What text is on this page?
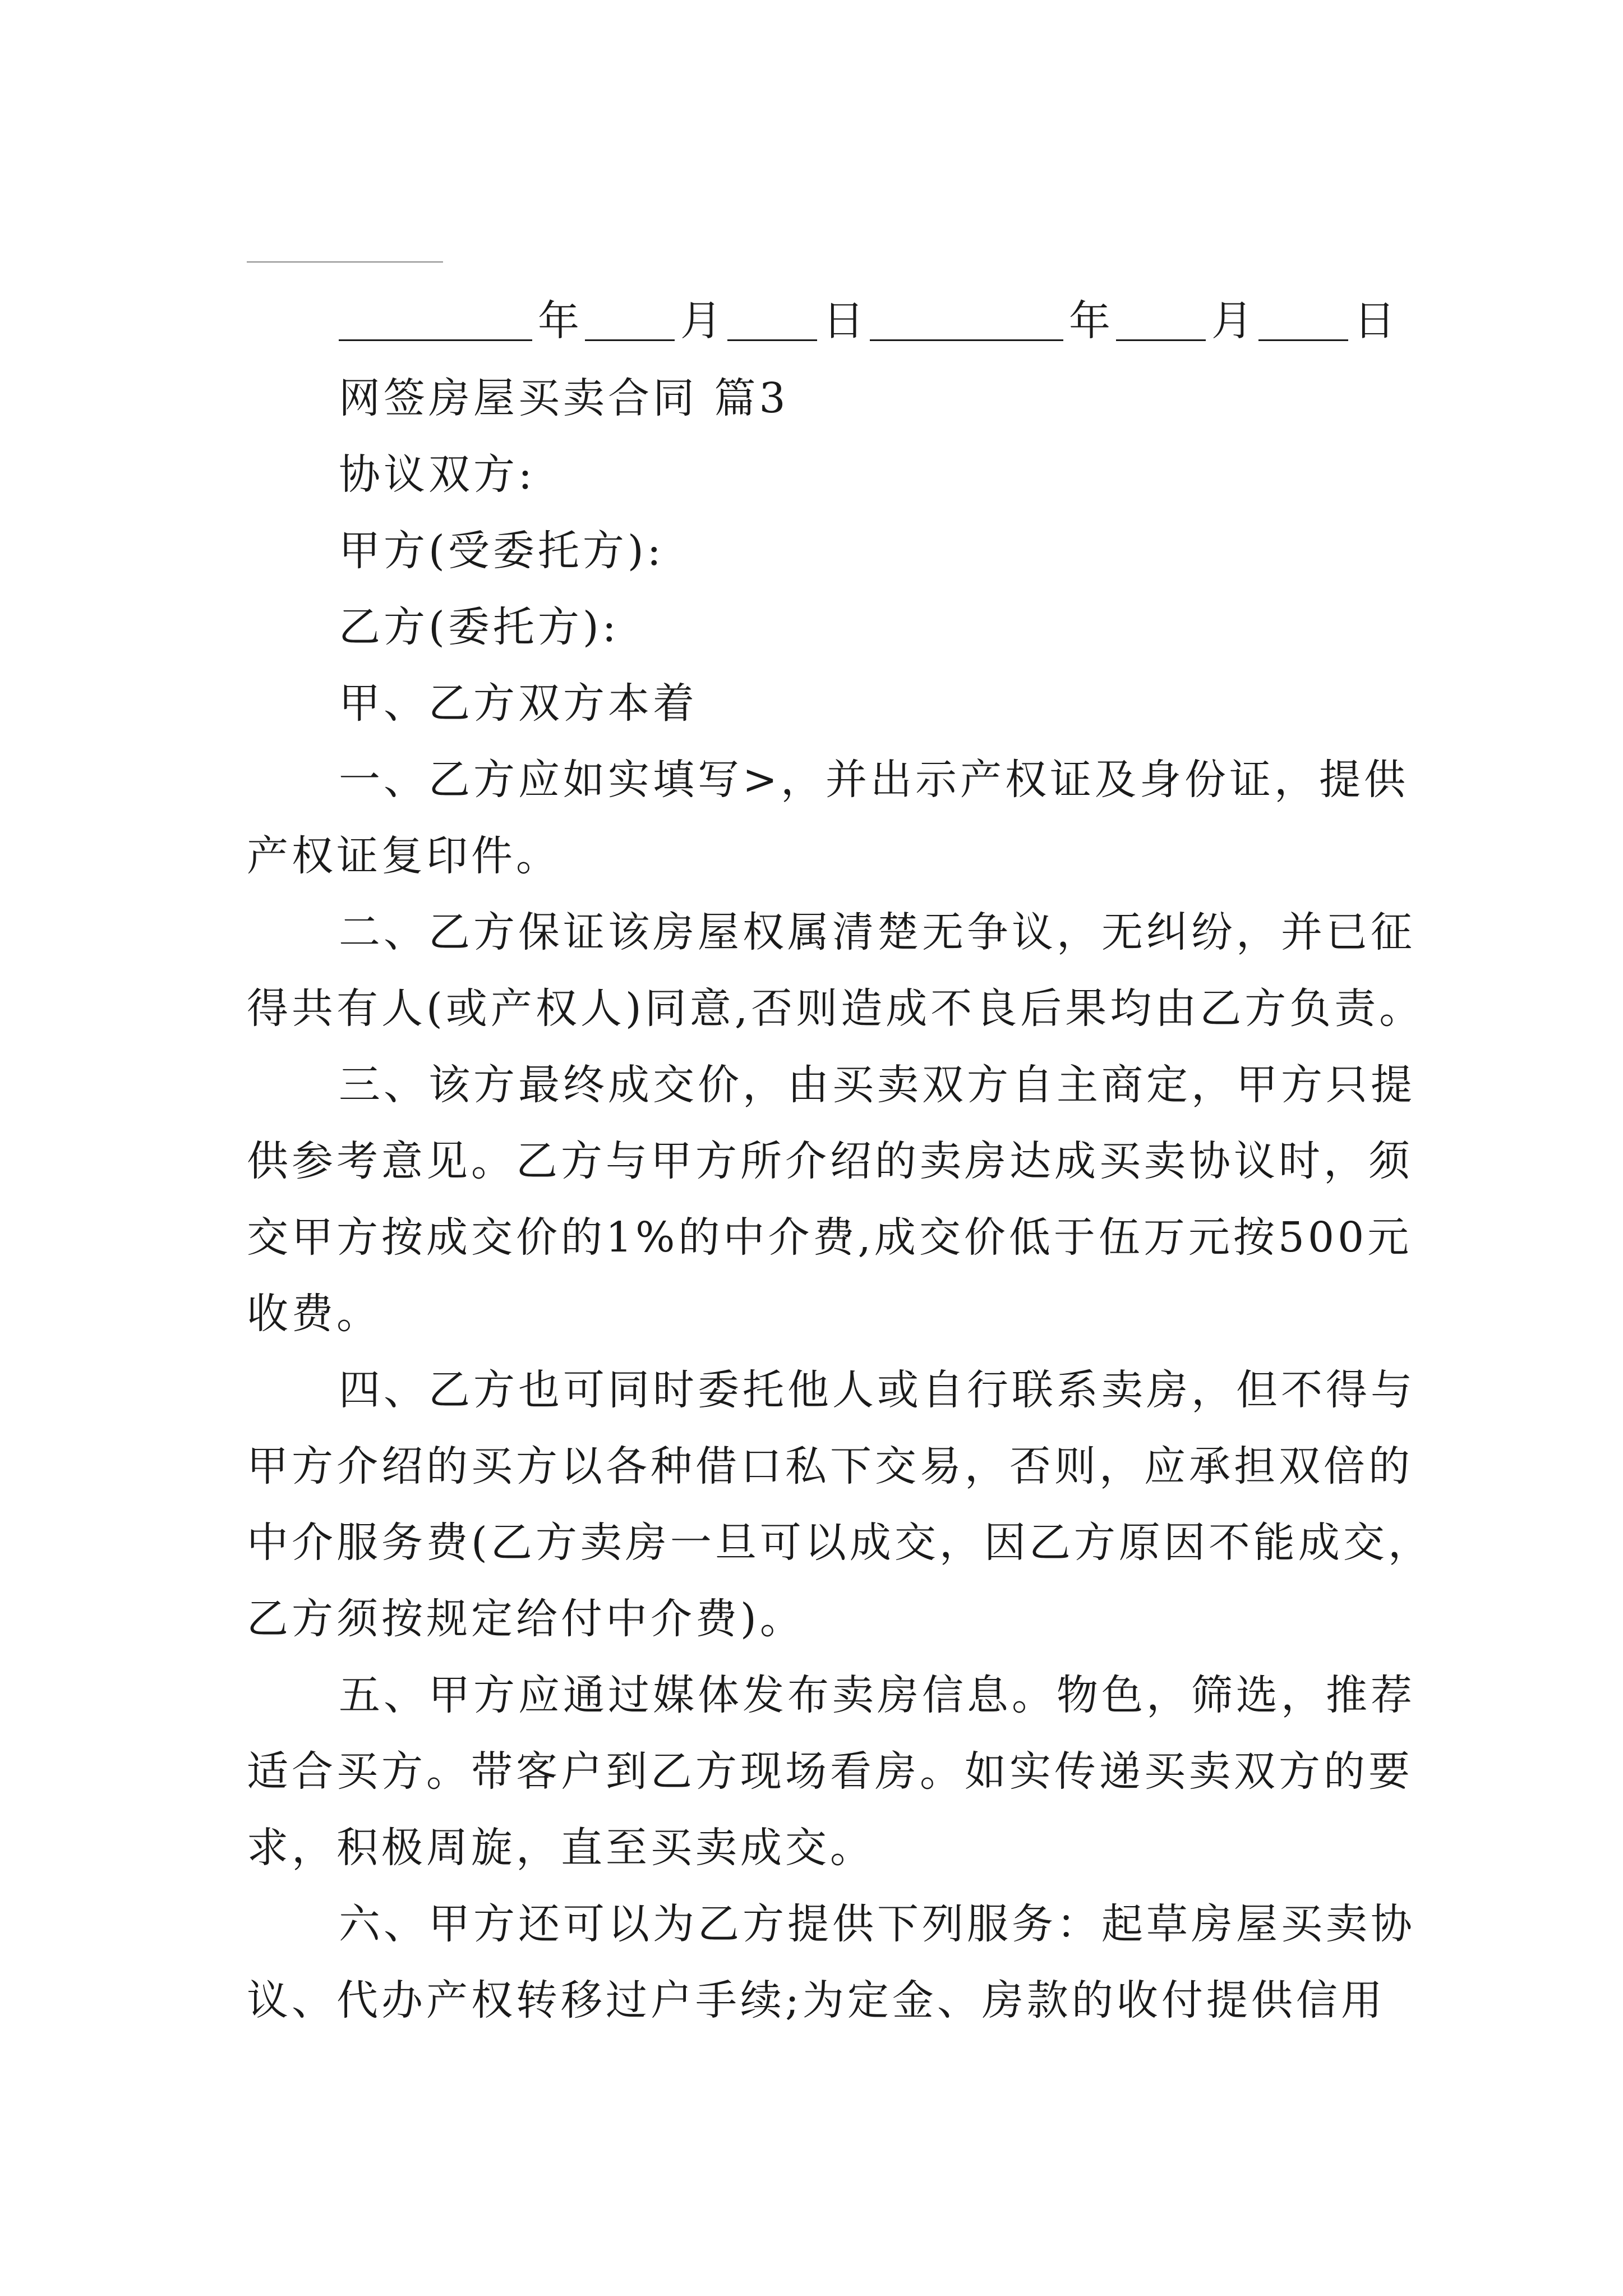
年 月 日	年 月 日
网签房屋买卖合同 篇3
协议双方:
甲方(受委托方):
乙方(委托方):
甲、乙方双方本着
一、乙方应如实填写>，并出示产权证及身份证，提供
产权证复印件。
二、乙方保证该房屋权属清楚无争议，无纠纷，并已征
得共有人(或产权人)同意,否则造成不良后果均由乙方负责。
三、该方最终成交价，由买卖双方自主商定，甲方只提
供参考意见。乙方与甲方所介绍的卖房达成买卖协议时，须
交甲方按成交价的1%的中介费,成交价低于伍万元按500元
收费。
四、乙方也可同时委托他人或自行联系卖房，但不得与
甲方介绍的买方以各种借口私下交易，否则，应承担双倍的
中介服务费(乙方卖房一旦可以成交，因乙方原因不能成交，
乙方须按规定给付中介费)。
五、甲方应通过媒体发布卖房信息。物色，筛选，推荐
适合买方。带客户到乙方现场看房。如实传递买卖双方的要
求，积极周旋，直至买卖成交。
六、甲方还可以为乙方提供下列服务：起草房屋买卖协
议、代办产权转移过户手续;为定金、房款的收付提供信用
